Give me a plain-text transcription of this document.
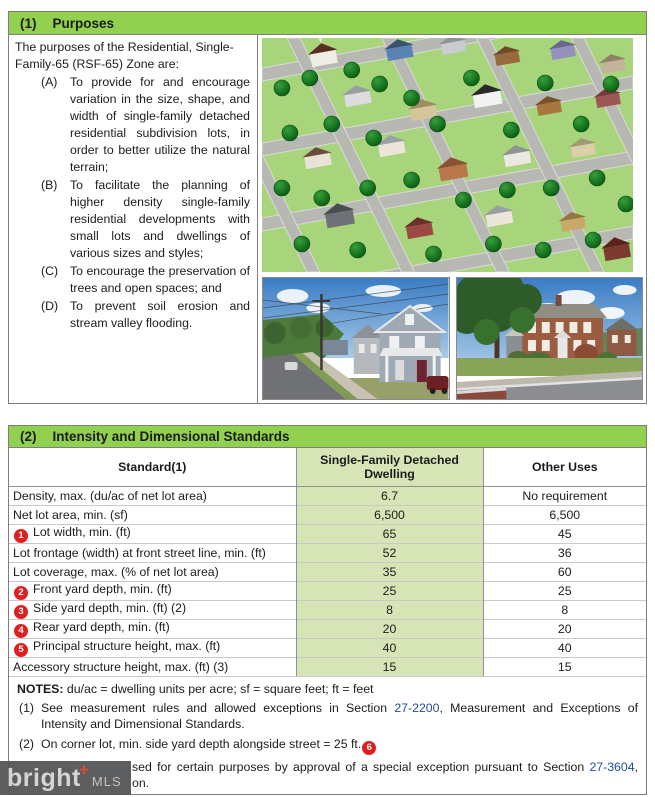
(1) Purposes

The purposes of the Residential, Single-Family-65 (RSF-65) Zone are:

(A)	To provide for and encourage variation in the size, shape, and width of single-family detached residential subdivision lots, in order to better utilize the natural terrain;
(B)	To facilitate the planning of higher density single-family residential developments with small lots and dwellings of various sizes and styles;
(C) To encourage the preservation of trees and open spaces; and
(D) To prevent soil erosion and stream valley flooding.
(2) Intensity and Dimensional Standards
Standard(1)	Single-Family Detached Dwelling	Other Uses
Density, max. (du/ac of net lot area)	6.7	No requirement
Net lot area, min. (sf)	6,500	6,500
1 Lot width, min. (ft)	65	45
Lot frontage (width) at front street line, min. (ft)	52	36
Lot coverage, max. (% of net lot area)	35	60
2 Front yard depth, min. (ft)	25	25
3 Side yard depth, min. (ft) (2)	8	8
4 Rear yard depth, min. (ft)	20	20
5 Principal structure height, max. (ft)	40	40
Accessory structure height, max. (ft) (3)	15	15
NOTES: du/ac = dwelling units per acre; sf = square feet; ft = feet
(1) See measurement rules and allowed exceptions in Section 27-2200, Measurement and Exceptions of Intensity and Dimensional Standards.
(2) On corner lot, min. side yard depth alongside street = 25 ft. 6
sed for certain purposes by approval of a special exception pursuant to Section 27-3604,
on.
bright
✚
MLS
